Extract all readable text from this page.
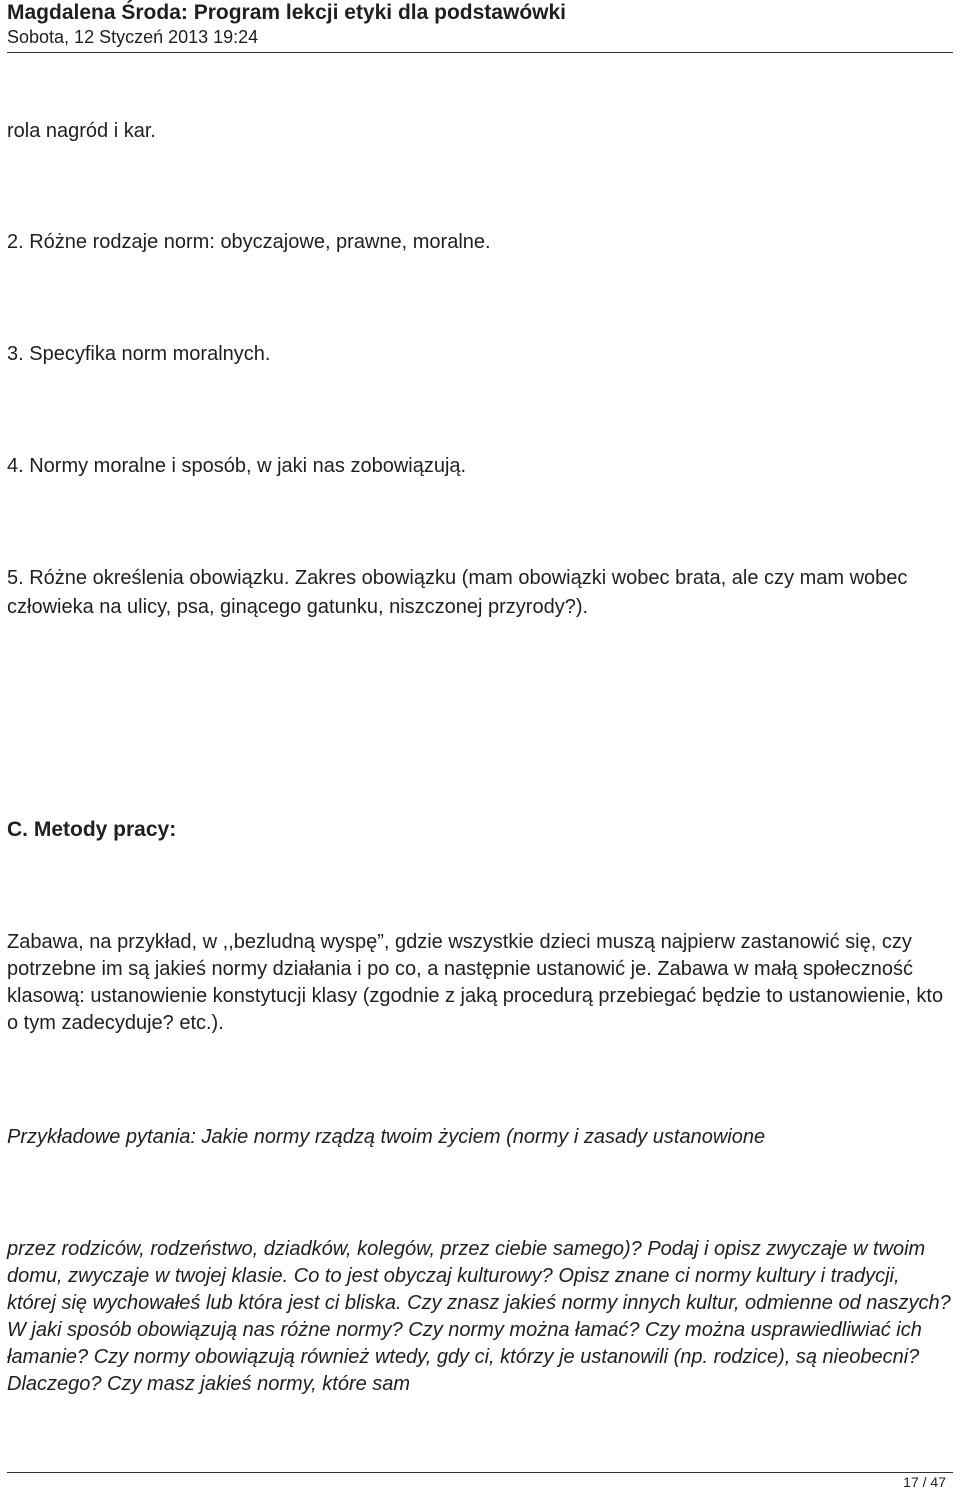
Magdalena Środa: Program lekcji etyki dla podstawówki
Sobota, 12 Styczeń 2013 19:24

rola nagród i kar.

2. Różne rodzaje norm: obyczajowe, prawne, moralne.

3. Specyfika norm moralnych.

4. Normy moralne i sposób, w jaki nas zobowiązują.

5. Różne określenia obowiązku. Zakres obowiązku (mam obowiązki wobec brata, ale czy mam wobec człowieka na ulicy, psa, ginącego gatunku, niszczonej przyrody?).

C. Metody pracy:

Zabawa, na przykład, w ,,bezludną wyspę”, gdzie wszystkie dzieci muszą najpierw zastanowić się, czy potrzebne im są jakieś normy działania i po co, a następnie ustanowić je. Zabawa w małą społeczność klasową: ustanowienie konstytucji klasy (zgodnie z jaką procedurą przebiegać będzie to ustanowienie, kto o tym zadecyduje? etc.).

Przykładowe pytania: Jakie normy rządzą twoim życiem (normy i zasady ustanowione

przez rodziców, rodzeństwo, dziadków, kolegów, przez ciebie samego)? Podaj i opisz zwyczaje w twoim domu, zwyczaje w twojej klasie. Co to jest obyczaj kulturowy? Opisz znane ci normy kultury i tradycji, której się wychowałeś lub która jest ci bliska. Czy znasz jakieś normy innych kultur, odmienne od naszych? W jaki sposób obowiązują nas różne normy? Czy normy można łamać? Czy można usprawiedliwiać ich łamanie? Czy normy obowiązują również wtedy, gdy ci, którzy je ustanowili (np. rodzice), są nieobecni? Dlaczego? Czy masz jakieś normy, które sam

17 / 47
